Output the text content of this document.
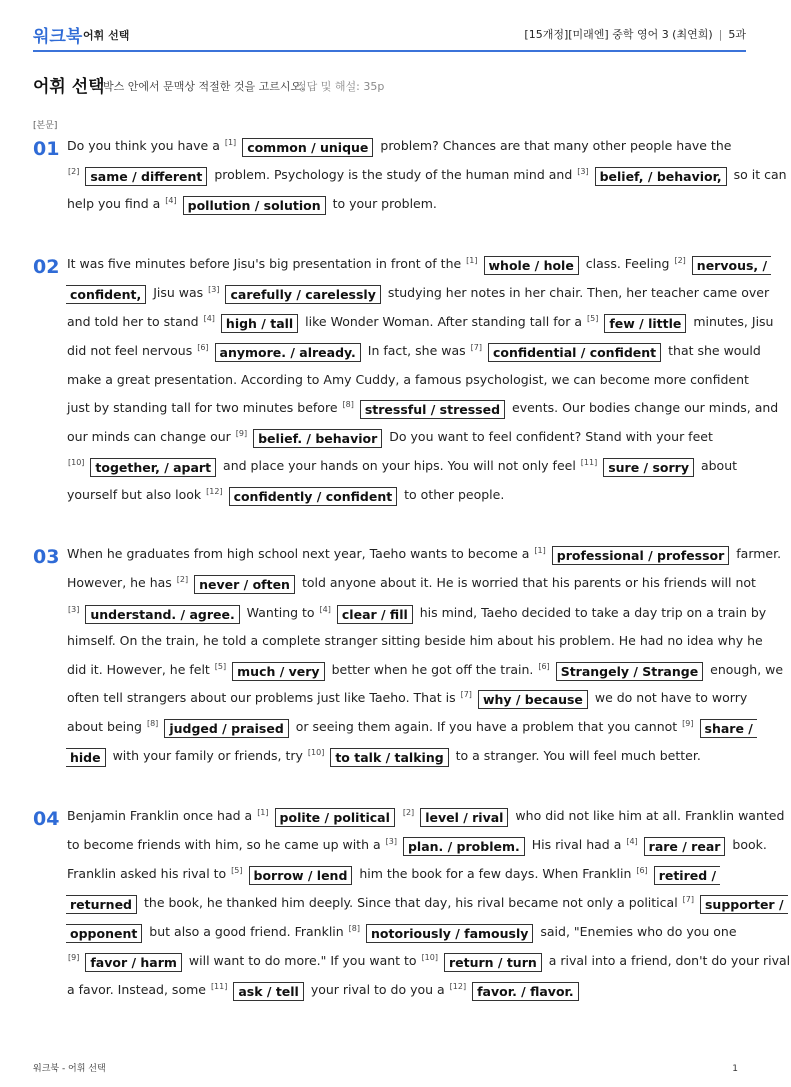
워크북 어휘 선택	[15개정][미래엔] 중학 영어 3 (최연희) | 5과
어휘 선택
박스 안에서 문맥상 적절한 것을 고르시오.
정답 및 해설: 35p
[본문]
01 Do you think you have a [1] common / unique problem? Chances are that many other people have the
[2] same / different problem. Psychology is the study of the human mind and [3] belief, / behavior, so it can
help you find a [4] pollution / solution to your problem.
02 It was five minutes before Jisu's big presentation in front of the [1] whole / hole class. Feeling [2] nervous, /
confident, Jisu was [3] carefully / carelessly studying her notes in her chair. Then, her teacher came over
and told her to stand [4] high / tall like Wonder Woman. After standing tall for a [5] few / little minutes, Jisu
did not feel nervous [6] anymore. / already. In fact, she was [7] confidential / confident that she would
make a great presentation. According to Amy Cuddy, a famous psychologist, we can become more confident
just by standing tall for two minutes before [8] stressful / stressed events. Our bodies change our minds, and
our minds can change our [9] belief. / behavior Do you want to feel confident? Stand with your feet
[10] together, / apart and place your hands on your hips. You will not only feel [11] sure / sorry about
yourself but also look [12] confidently / confident to other people.
03 When he graduates from high school next year, Taeho wants to become a [1] professional / professor farmer.
However, he has [2] never / often told anyone about it. He is worried that his parents or his friends will not
[3] understand. / agree. Wanting to [4] clear / fill his mind, Taeho decided to take a day trip on a train by
himself. On the train, he told a complete stranger sitting beside him about his problem. He had no idea why he
did it. However, he felt [5] much / very better when he got off the train. [6] Strangely / Strange enough, we
often tell strangers about our problems just like Taeho. That is [7] why / because we do not have to worry
about being [8] judged / praised or seeing them again. If you have a problem that you cannot [9] share /
hide with your family or friends, try [10] to talk / talking to a stranger. You will feel much better.
04 Benjamin Franklin once had a [1] polite / political [2] level / rival who did not like him at all. Franklin wanted
to become friends with him, so he came up with a [3] plan. / problem. His rival had a [4] rare / rear book.
Franklin asked his rival to [5] borrow / lend him the book for a few days. When Franklin [6] retired /
returned the book, he thanked him deeply. Since that day, his rival became not only a political [7] supporter /
opponent but also a good friend. Franklin [8] notoriously / famously said, "Enemies who do you one
[9] favor / harm will want to do more." If you want to [10] return / turn a rival into a friend, don't do your rival
a favor. Instead, some [11] ask / tell your rival to do you a [12] favor. / flavor.
워크북 - 어휘 선택	1
